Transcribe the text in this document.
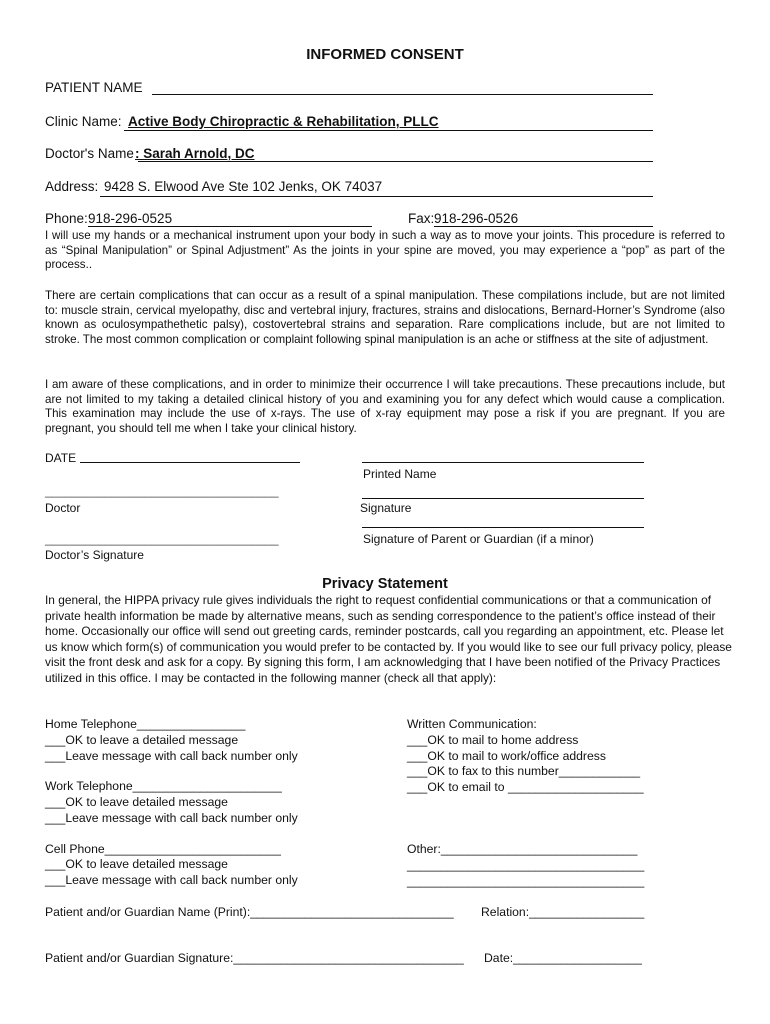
INFORMED CONSENT
PATIENT NAME
Clinic Name: Active Body Chiropractic & Rehabilitation, PLLC
Doctor's Name : Sarah Arnold, DC
Address: 9428 S. Elwood Ave Ste 102 Jenks, OK 74037
Phone: 918-296-0525	Fax: 918-296-0526
I will use my hands or a mechanical instrument upon your body in such a way as to move your joints. This procedure is referred to as “Spinal Manipulation” or Spinal Adjustment” As the joints in your spine are moved, you may experience a “pop” as part of the process..
There are certain complications that can occur as a result of a spinal manipulation. These compilations include, but are not limited to: muscle strain, cervical myelopathy, disc and vertebral injury, fractures, strains and dislocations, Bernard-Horner’s Syndrome (also known as oculosympathethetic palsy), costovertebral strains and separation. Rare complications include, but are not limited to stroke. The most common complication or complaint following spinal manipulation is an ache or stiffness at the site of adjustment.
I am aware of these complications, and in order to minimize their occurrence I will take precautions. These precautions include, but are not limited to my taking a detailed clinical history of you and examining you for any defect which would cause a complication. This examination may include the use of x-rays. The use of x-ray equipment may pose a risk if you are pregnant. If you are pregnant, you should tell me when I take your clinical history.
DATE
Printed Name
___________________________________
Doctor	Signature
___________________________________	Signature of Parent or Guardian (if a minor)
Doctor’s Signature
Privacy Statement
In general, the HIPPA privacy rule gives individuals the right to request confidential communications or that a communication of private health information be made by alternative means, such as sending correspondence to the patient’s office instead of their home. Occasionally our office will send out greeting cards, reminder postcards, call you regarding an appointment, etc. Please let us know which form(s) of communication you would prefer to be contacted by. If you would like to see our full privacy policy, please visit the front desk and ask for a copy. By signing this form, I am acknowledging that I have been notified of the Privacy Practices utilized in this office. I may be contacted in the following manner (check all that apply):
Home Telephone________________
___OK to leave a detailed message
___Leave message with call back number only
Work Telephone______________________
___OK to leave detailed message
___Leave message with call back number only
Cell Phone__________________________
___OK to leave detailed message
___Leave message with call back number only
Written Communication:
___OK to mail to home address
___OK to mail to work/office address
___OK to fax to this number____________
___OK to email to ____________________
Other:_____________________________
___________________________________
___________________________________
Patient and/or Guardian Name (Print):______________________________ Relation:_________________
Patient and/or Guardian Signature:__________________________________ Date:___________________
